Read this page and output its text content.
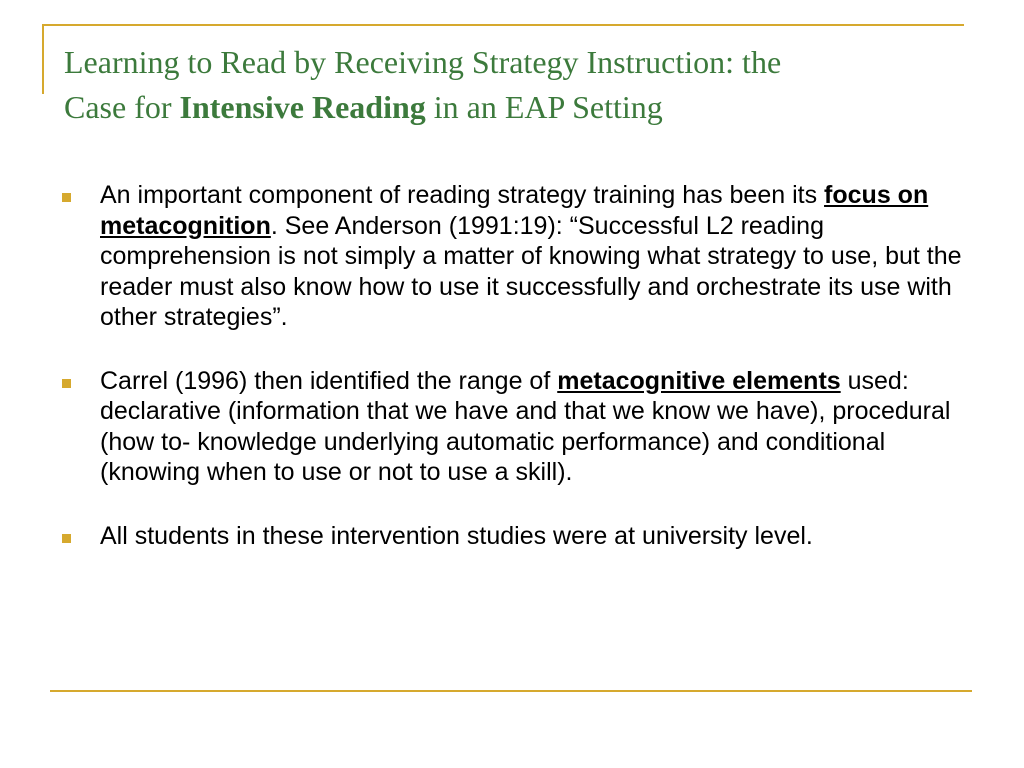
Learning to Read by Receiving Strategy Instruction: the
Case for Intensive Reading in an EAP Setting
An important component of reading strategy training has been its focus on metacognition. See Anderson (1991:19): “Successful L2 reading comprehension is not simply a matter of knowing what strategy to use, but the reader must also know how to use it successfully and orchestrate its use with other strategies”.
Carrel (1996) then identified the range of metacognitive elements used: declarative (information that we have and that we know we have), procedural (how to- knowledge underlying automatic performance) and conditional (knowing when to use or not to use a skill).
All students in these intervention studies were at university level.
